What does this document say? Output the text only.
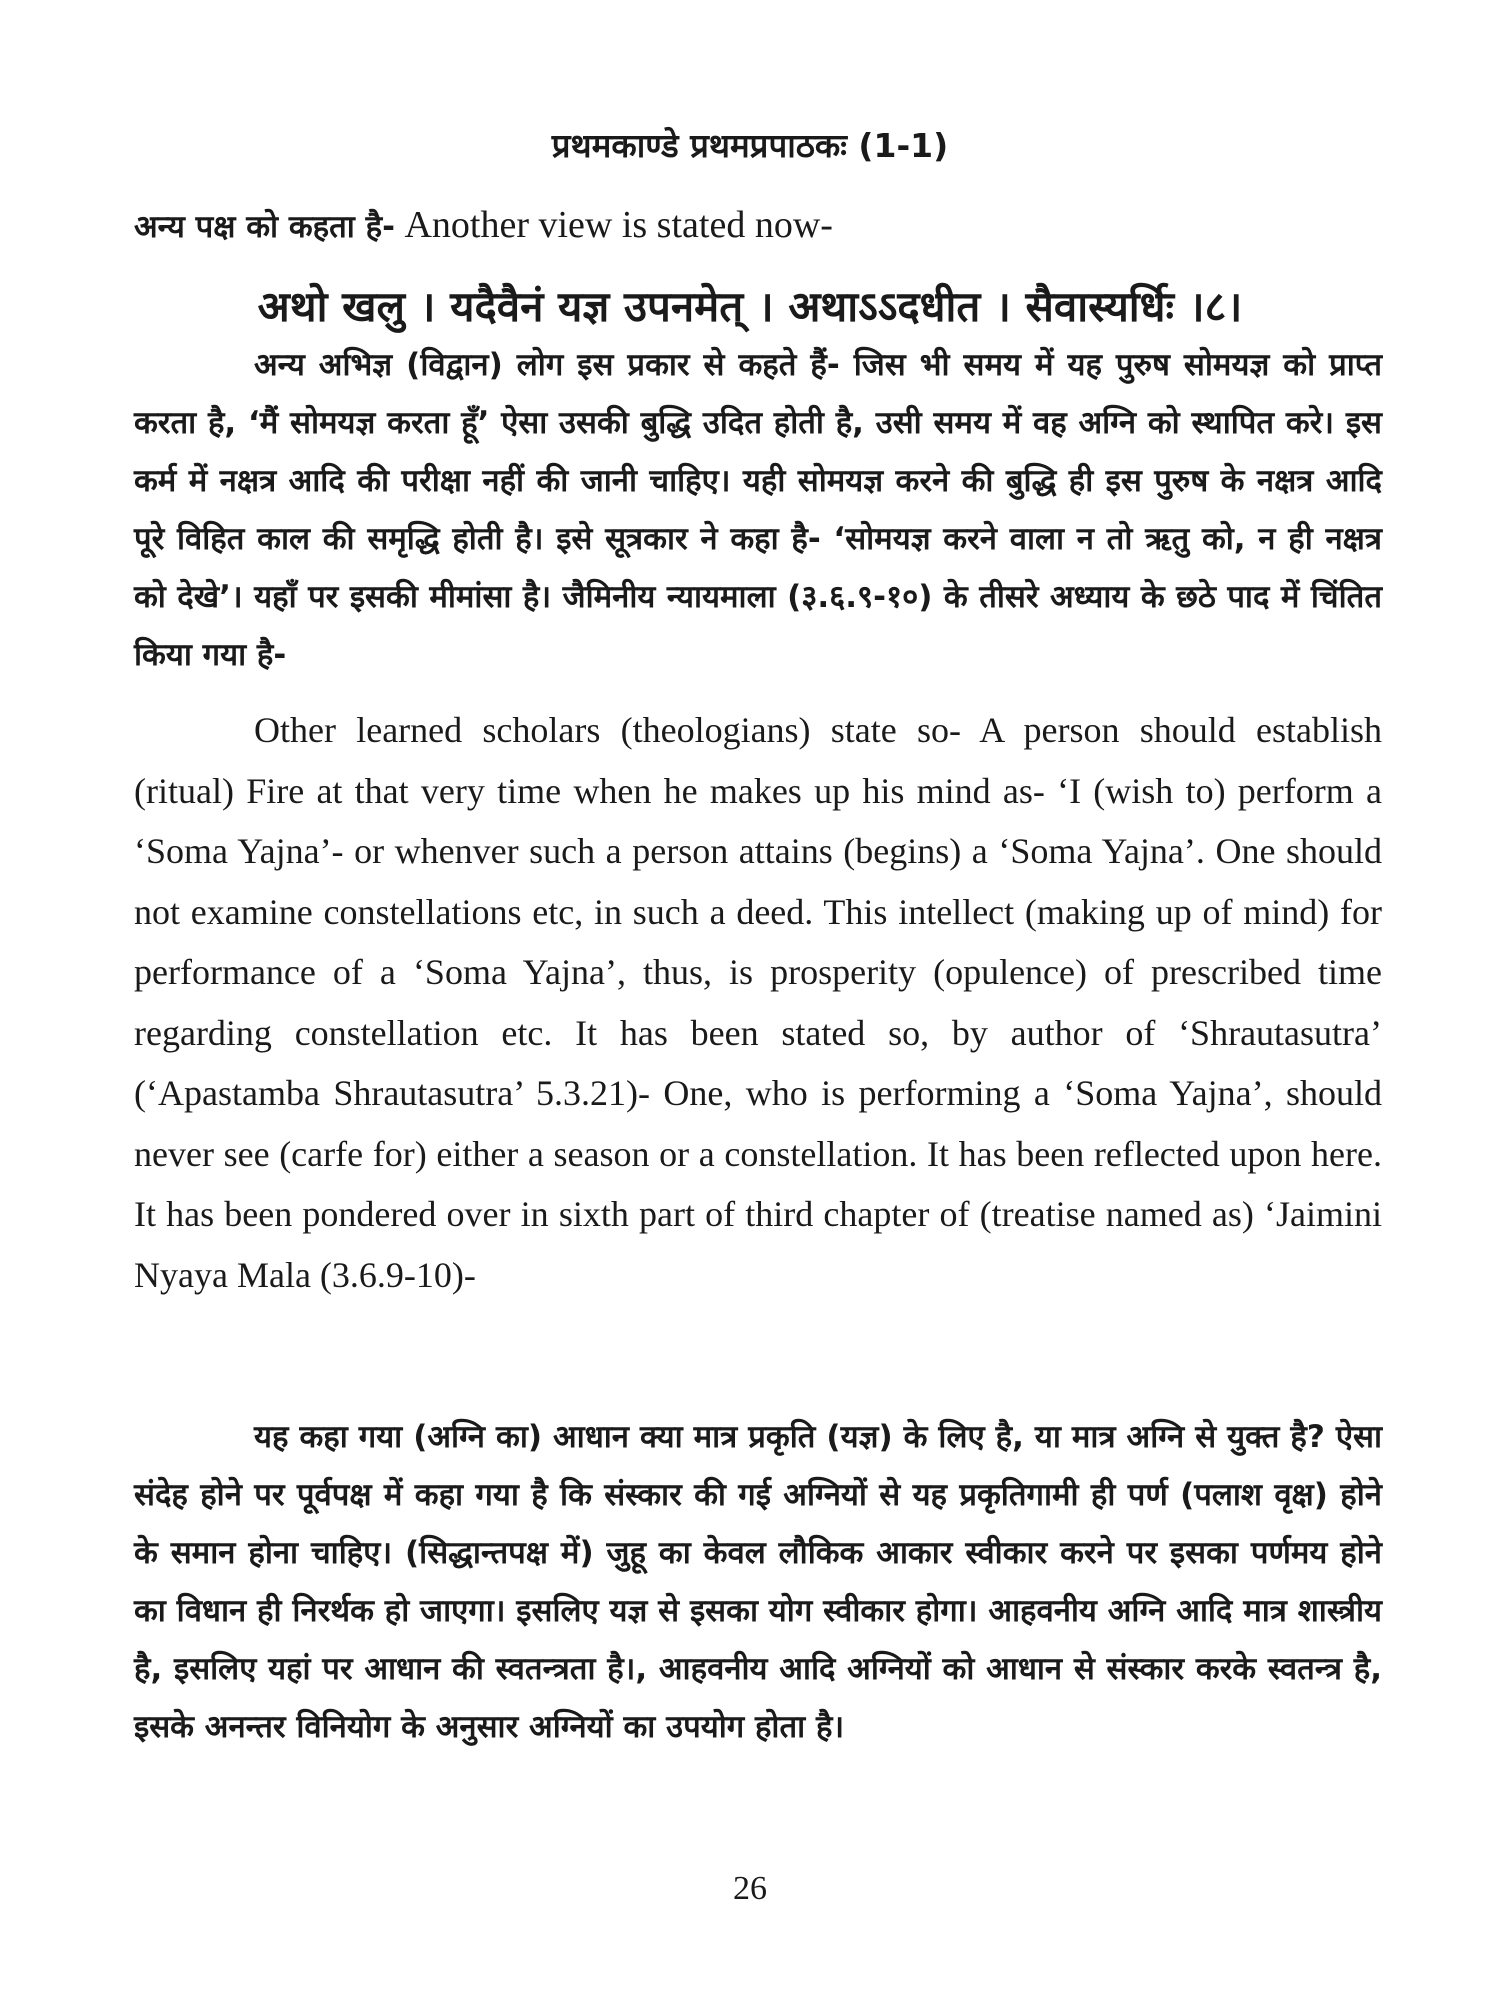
प्रथमकाण्डे प्रथमप्रपाठकः (1-1)
अन्य पक्ष को कहता है- Another view is stated now-
अथो खलु । यदैवैनं यज्ञ उपनमेत् । अथाऽऽदधीत । सैवास्यर्धिः ।८।

अन्य अभिज्ञ (विद्वान) लोग इस प्रकार से कहते हैं- जिस भी समय में यह पुरुष सोमयज्ञ को प्राप्त करता है, ‘मैं सोमयज्ञ करता हूँ’ ऐसा उसकी बुद्धि उदित होती है, उसी समय में वह अग्नि को स्थापित करे। इस कर्म में नक्षत्र आदि की परीक्षा नहीं की जानी चाहिए। यही सोमयज्ञ करने की बुद्धि ही इस पुरुष के नक्षत्र आदि पूरे विहित काल की समृद्धि होती है। इसे सूत्रकार ने कहा है- ‘सोमयज्ञ करने वाला न तो ऋतु को, न ही नक्षत्र को देखे’। यहाँ पर इसकी मीमांसा है। जैमिनीय न्यायमाला (३.६.९-१०) के तीसरे अध्याय के छठे पाद में चिंतित किया गया है-

Other learned scholars (theologians) state so- A person should establish (ritual) Fire at that very time when he makes up his mind as- ‘I (wish to) perform a ‘Soma Yajna’- or whenver such a person attains (begins) a ‘Soma Yajna’. One should not examine constellations etc, in such a deed. This intellect (making up of mind) for performance of a ‘Soma Yajna’, thus, is prosperity (opulence) of prescribed time regarding constellation etc. It has been stated so, by author of ‘Shrautasutra’ (‘Apastamba Shrautasutra’ 5.3.21)- One, who is performing a ‘Soma Yajna’, should never see (carfe for) either a season or a constellation. It has been reflected upon here. It has been pondered over in sixth part of third chapter of (treatise named as) ‘Jaimini Nyaya Mala (3.6.9-10)-

यह कहा गया (अग्नि का) आधान क्या मात्र प्रकृति (यज्ञ) के लिए है, या मात्र अग्नि से युक्त है? ऐसा संदेह होने पर पूर्वपक्ष में कहा गया है कि संस्कार की गई अग्नियों से यह प्रकृतिगामी ही पर्ण (पलाश वृक्ष) होने के समान होना चाहिए। (सिद्धान्तपक्ष में) जुहू का केवल लौकिक आकार स्वीकार करने पर इसका पर्णमय होने का विधान ही निरर्थक हो जाएगा। इसलिए यज्ञ से इसका योग स्वीकार होगा। आहवनीय अग्नि आदि मात्र शास्त्रीय है, इसलिए यहां पर आधान की स्वतन्त्रता है।, आहवनीय आदि अग्नियों को आधान से संस्कार करके स्वतन्त्र है, इसके अनन्तर विनियोग के अनुसार अग्नियों का उपयोग होता है।

26
